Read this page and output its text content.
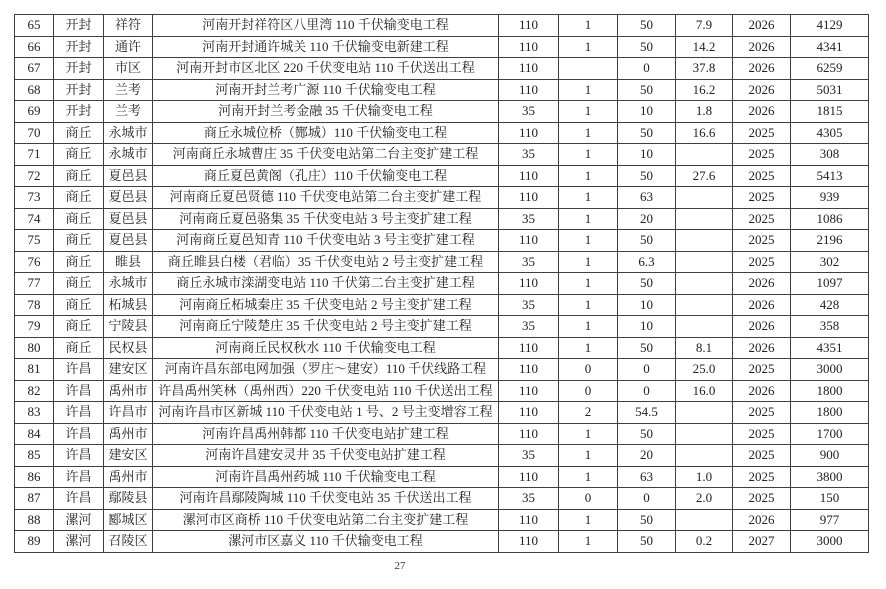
65	开封	祥符	河南开封祥符区八里湾 110 千伏输变电工程	110	1	50	7.9	2026	4129
66	开封	通许	河南开封通许城关 110 千伏输变电新建工程	110	1	50	14.2	2026	4341
67	开封	市区	河南开封市区北区 220 千伏变电站 110 千伏送出工程	110		0	37.8	2026	6259
68	开封	兰考	河南开封兰考广源 110 千伏输变电工程	110	1	50	16.2	2026	5031
69	开封	兰考	河南开封兰考金融 35 千伏输变电工程	35	1	10	1.8	2026	1815
70	商丘	永城市	商丘永城位桥（酂城）110 千伏输变电工程	110	1	50	16.6	2025	4305
71	商丘	永城市	河南商丘永城曹庄 35 千伏变电站第二台主变扩建工程	35	1	10		2025	308
72	商丘	夏邑县	商丘夏邑黄阁（孔庄）110 千伏输变电工程	110	1	50	27.6	2025	5413
73	商丘	夏邑县	河南商丘夏邑贤德 110 千伏变电站第二台主变扩建工程	110	1	63		2025	939
74	商丘	夏邑县	河南商丘夏邑骆集 35 千伏变电站 3 号主变扩建工程	35	1	20		2025	1086
75	商丘	夏邑县	河南商丘夏邑知青 110 千伏变电站 3 号主变扩建工程	110	1	50		2025	2196
76	商丘	睢县	商丘睢县白楼（君临）35 千伏变电站 2 号主变扩建工程	35	1	6.3		2025	302
77	商丘	永城市	商丘永城市滦湖变电站 110 千伏第二台主变扩建工程	110	1	50		2026	1097
78	商丘	柘城县	河南商丘柘城秦庄 35 千伏变电站 2 号主变扩建工程	35	1	10		2026	428
79	商丘	宁陵县	河南商丘宁陵楚庄 35 千伏变电站 2 号主变扩建工程	35	1	10		2026	358
80	商丘	民权县	河南商丘民权秋水 110 千伏输变电工程	110	1	50	8.1	2026	4351
81	许昌	建安区	河南许昌东部电网加强（罗庄～建安）110 千伏线路工程	110	0	0	25.0	2025	3000
82	许昌	禹州市	许昌禹州笑林（禹州西）220 千伏变电站 110 千伏送出工程	110	0	0	16.0	2026	1800
83	许昌	许昌市	河南许昌市区新城 110 千伏变电站 1 号、2 号主变增容工程	110	2	54.5		2025	1800
84	许昌	禹州市	河南许昌禹州韩都 110 千伏变电站扩建工程	110	1	50		2025	1700
85	许昌	建安区	河南许昌建安灵井 35 千伏变电站扩建工程	35	1	20		2025	900
86	许昌	禹州市	河南许昌禹州药城 110 千伏输变电工程	110	1	63	1.0	2025	3800
87	许昌	鄢陵县	河南许昌鄢陵陶城 110 千伏变电站 35 千伏送出工程	35	0	0	2.0	2025	150
88	漯河	郾城区	漯河市区商桥 110 千伏变电站第二台主变扩建工程	110	1	50		2026	977
89	漯河	召陵区	漯河市区嘉义 110 千伏输变电工程	110	1	50	0.2	2027	3000
27
